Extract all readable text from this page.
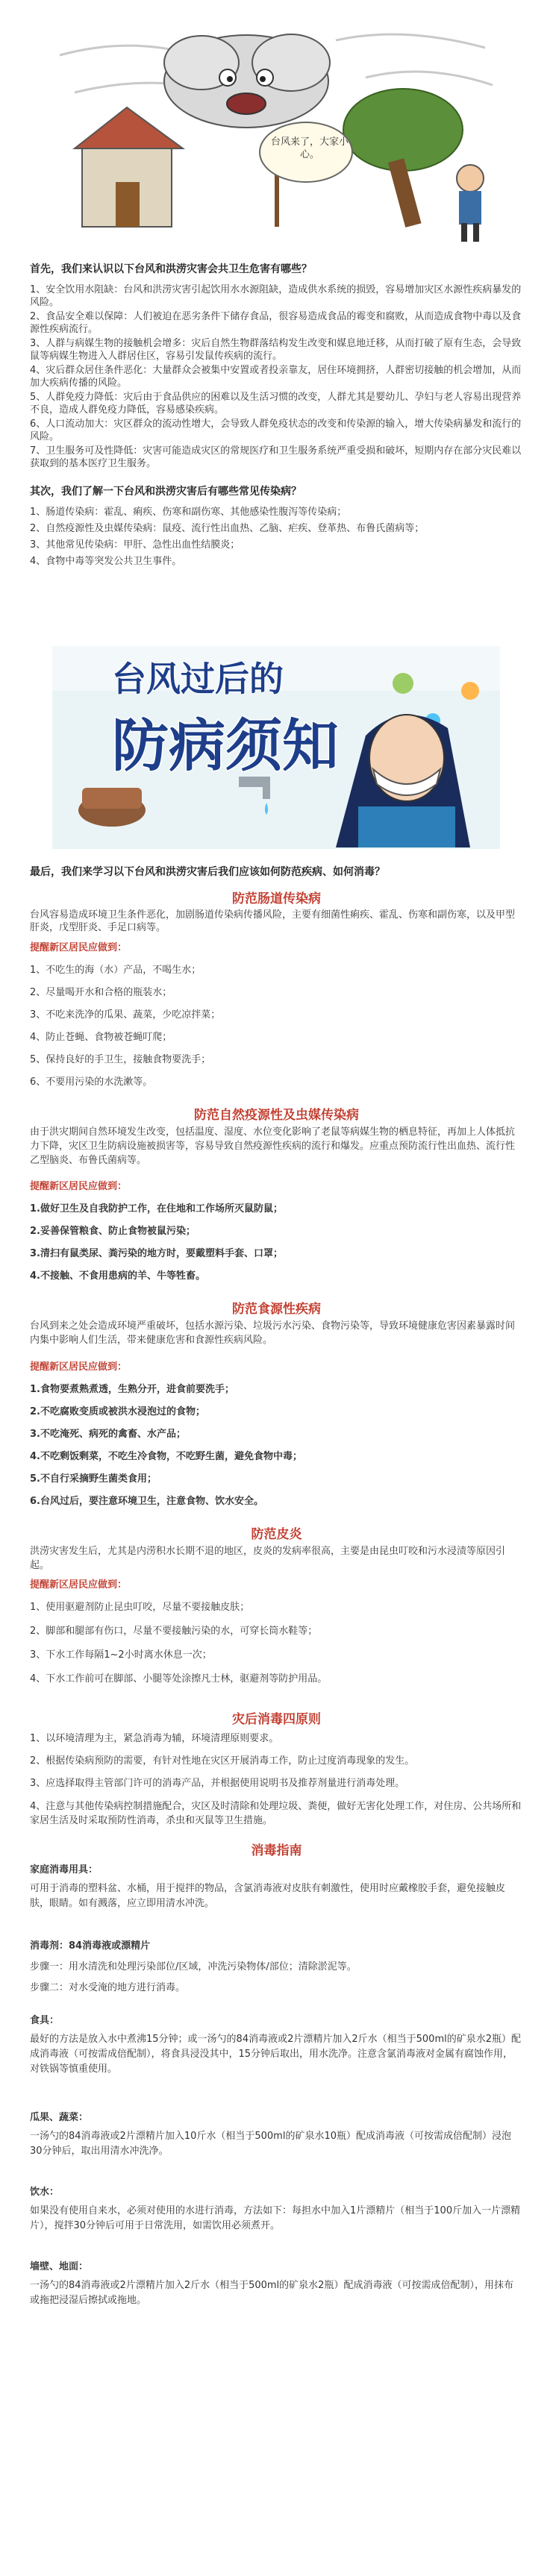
台风来了，大家小心。
首先，我们来认识以下台风和洪涝灾害会共卫生危害有哪些？
1、安全饮用水阻缺：台风和洪涝灾害引起饮用水水源阻缺，造成供水系统的损毁，容易增加灾区水源性疾病暴发的风险。
2、食品安全难以保障：人们被迫在恶劣条件下储存食品，很容易造成食品的霉变和腐败，从而造成食物中毒以及食源性疾病流行。
3、人群与病媒生物的接触机会增多：灾后自然生物群落结构发生改变和媒息地迁移，从而打破了原有生态，会导致鼠等病媒生物进入人群居住区，容易引发鼠传疾病的流行。
4、灾后群众居住条件恶化：大量群众会被集中安置或者投亲靠友，居住环境拥挤，人群密切接触的机会增加，从而加大疾病传播的风险。
5、人群免疫力降低：灾后由于食品供应的困难以及生活习惯的改变，人群尤其是婴幼儿、孕妇与老人容易出现营养不良，造成人群免疫力降低，容易感染疾病。
6、人口流动加大：灾区群众的流动性增大，会导致人群免疫状态的改变和传染源的输入，增大传染病暴发和流行的风险。
7、卫生服务可及性降低：灾害可能造成灾区的常规医疗和卫生服务系统严重受损和破坏，短期内存在部分灾民难以获取到的基本医疗卫生服务。
其次，我们了解一下台风和洪涝灾害后有哪些常见传染病？
1、肠道传染病：霍乱、痢疾、伤寒和副伤寒、其他感染性腹泻等传染病；
2、自然疫源性及虫媒传染病：鼠疫、流行性出血热、乙脑、疟疾、登革热、布鲁氏菌病等；
3、其他常见传染病：甲肝、急性出血性结膜炎；
4、食物中毒等突发公共卫生事件。
台风过后的
防病须知
最后，我们来学习以下台风和洪涝灾害后我们应该如何防范疾病、如何消毒？
防范肠道传染病
台风容易造成环境卫生条件恶化，加剧肠道传染病传播风险，主要有细菌性痢疾、霍乱、伤寒和副伤寒，以及甲型肝炎，戊型肝炎、手足口病等。
提醒新区居民应做到：
1、不吃生的海（水）产品，不喝生水；
2、尽量喝开水和合格的瓶装水；
3、不吃来洗净的瓜果、蔬菜，少吃凉拌菜；
4、防止苍蝇、食物被苍蝇叮爬；
5、保持良好的手卫生，接触食物要洗手；
6、不要用污染的水洗漱等。
防范自然疫源性及虫媒传染病
由于洪灾期间自然环境发生改变，包括温度、湿度、水位变化影响了老鼠等病媒生物的栖息特征，再加上人体抵抗力下降，灾区卫生防病设施被损害等，容易导致自然疫源性疾病的流行和爆发。应重点预防流行性出血热、流行性乙型脑炎、布鲁氏菌病等。
提醒新区居民应做到：
1.做好卫生及自我防护工作，在住地和工作场所灭鼠防鼠；
2.妥善保管粮食、防止食物被鼠污染；
3.清扫有鼠类尿、粪污染的地方时，要戴塑料手套、口罩；
4.不接触、不食用患病的羊、牛等牲畜。
防范食源性疾病
台风到来之处会造成环境严重破坏，包括水源污染、垃圾污水污染、食物污染等，导致环境健康危害因素暴露时间内集中影响人们生活，带来健康危害和食源性疾病风险。
提醒新区居民应做到：
1.食物要煮熟煮透，生熟分开，进食前要洗手；
2.不吃腐败变质或被洪水浸泡过的食物；
3.不吃淹死、病死的禽畜、水产品；
4.不吃剩饭剩菜，不吃生冷食物，不吃野生菌，避免食物中毒；
5.不自行采摘野生菌类食用；
6.台风过后，要注意环境卫生，注意食物、饮水安全。
防范皮炎
洪涝灾害发生后，尤其是内涝积水长期不退的地区，皮炎的发病率很高，主要是由昆虫叮咬和污水浸渍等原因引起。
提醒新区居民应做到：
1、使用驱避剂防止昆虫叮咬，尽量不要接触皮肤；
2、脚部和腿部有伤口，尽量不要接触污染的水，可穿长筒水鞋等；
3、下水工作每隔1~2小时离水休息一次；
4、下水工作前可在脚部、小腿等处涂擦凡士林，驱避剂等防护用品。
灾后消毒四原则
1、以环境清理为主，紧急消毒为辅，环境清理原则要求。
2、根据传染病预防的需要，有针对性地在灾区开展消毒工作，防止过度消毒现象的发生。
3、应选择取得主管部门许可的消毒产品，并根据使用说明书及推荐剂量进行消毒处理。
4、注意与其他传染病控制措施配合，灾区及时清除和处理垃圾、粪便，做好无害化处理工作，对住房、公共场所和家居生活及时采取预防性消毒，杀虫和灭鼠等卫生措施。
消毒指南
家庭消毒用具：
可用于消毒的塑料盆、水桶，用于搅拌的物品，含氯消毒液对皮肤有刺激性，使用时应戴橡胶手套，避免接触皮肤，眼睛。如有溅落，应立即用清水冲洗。
消毒剂：84消毒液或漂精片
步骤一：用水清洗和处理污染部位/区域，冲洗污染物体/部位；清除淤泥等。
步骤二：对水受淹的地方进行消毒。
食具：
最好的方法是放入水中煮沸15分钟；或一汤勺的84消毒液或2片漂精片加入2斤水（相当于500ml的矿泉水2瓶）配成消毒液（可按需成倍配制），将食具浸没其中，15分钟后取出，用水洗净。注意含氯消毒液对金属有腐蚀作用，对铁锅等慎重使用。
瓜果、蔬菜：
一汤勺的84消毒液或2片漂精片加入10斤水（相当于500ml的矿泉水10瓶）配成消毒液（可按需成倍配制）浸泡30分钟后，取出用清水冲洗净。
饮水：
如果没有使用自来水，必须对使用的水进行消毒，方法如下：每担水中加入1片漂精片（相当于100斤加入一片漂精片），搅拌30分钟后可用于日常洗用，如需饮用必须煮开。
墙壁、地面：
一汤勺的84消毒液或2片漂精片加入2斤水（相当于500ml的矿泉水2瓶）配成消毒液（可按需成倍配制），用抹布或拖把浸湿后擦拭或拖地。
